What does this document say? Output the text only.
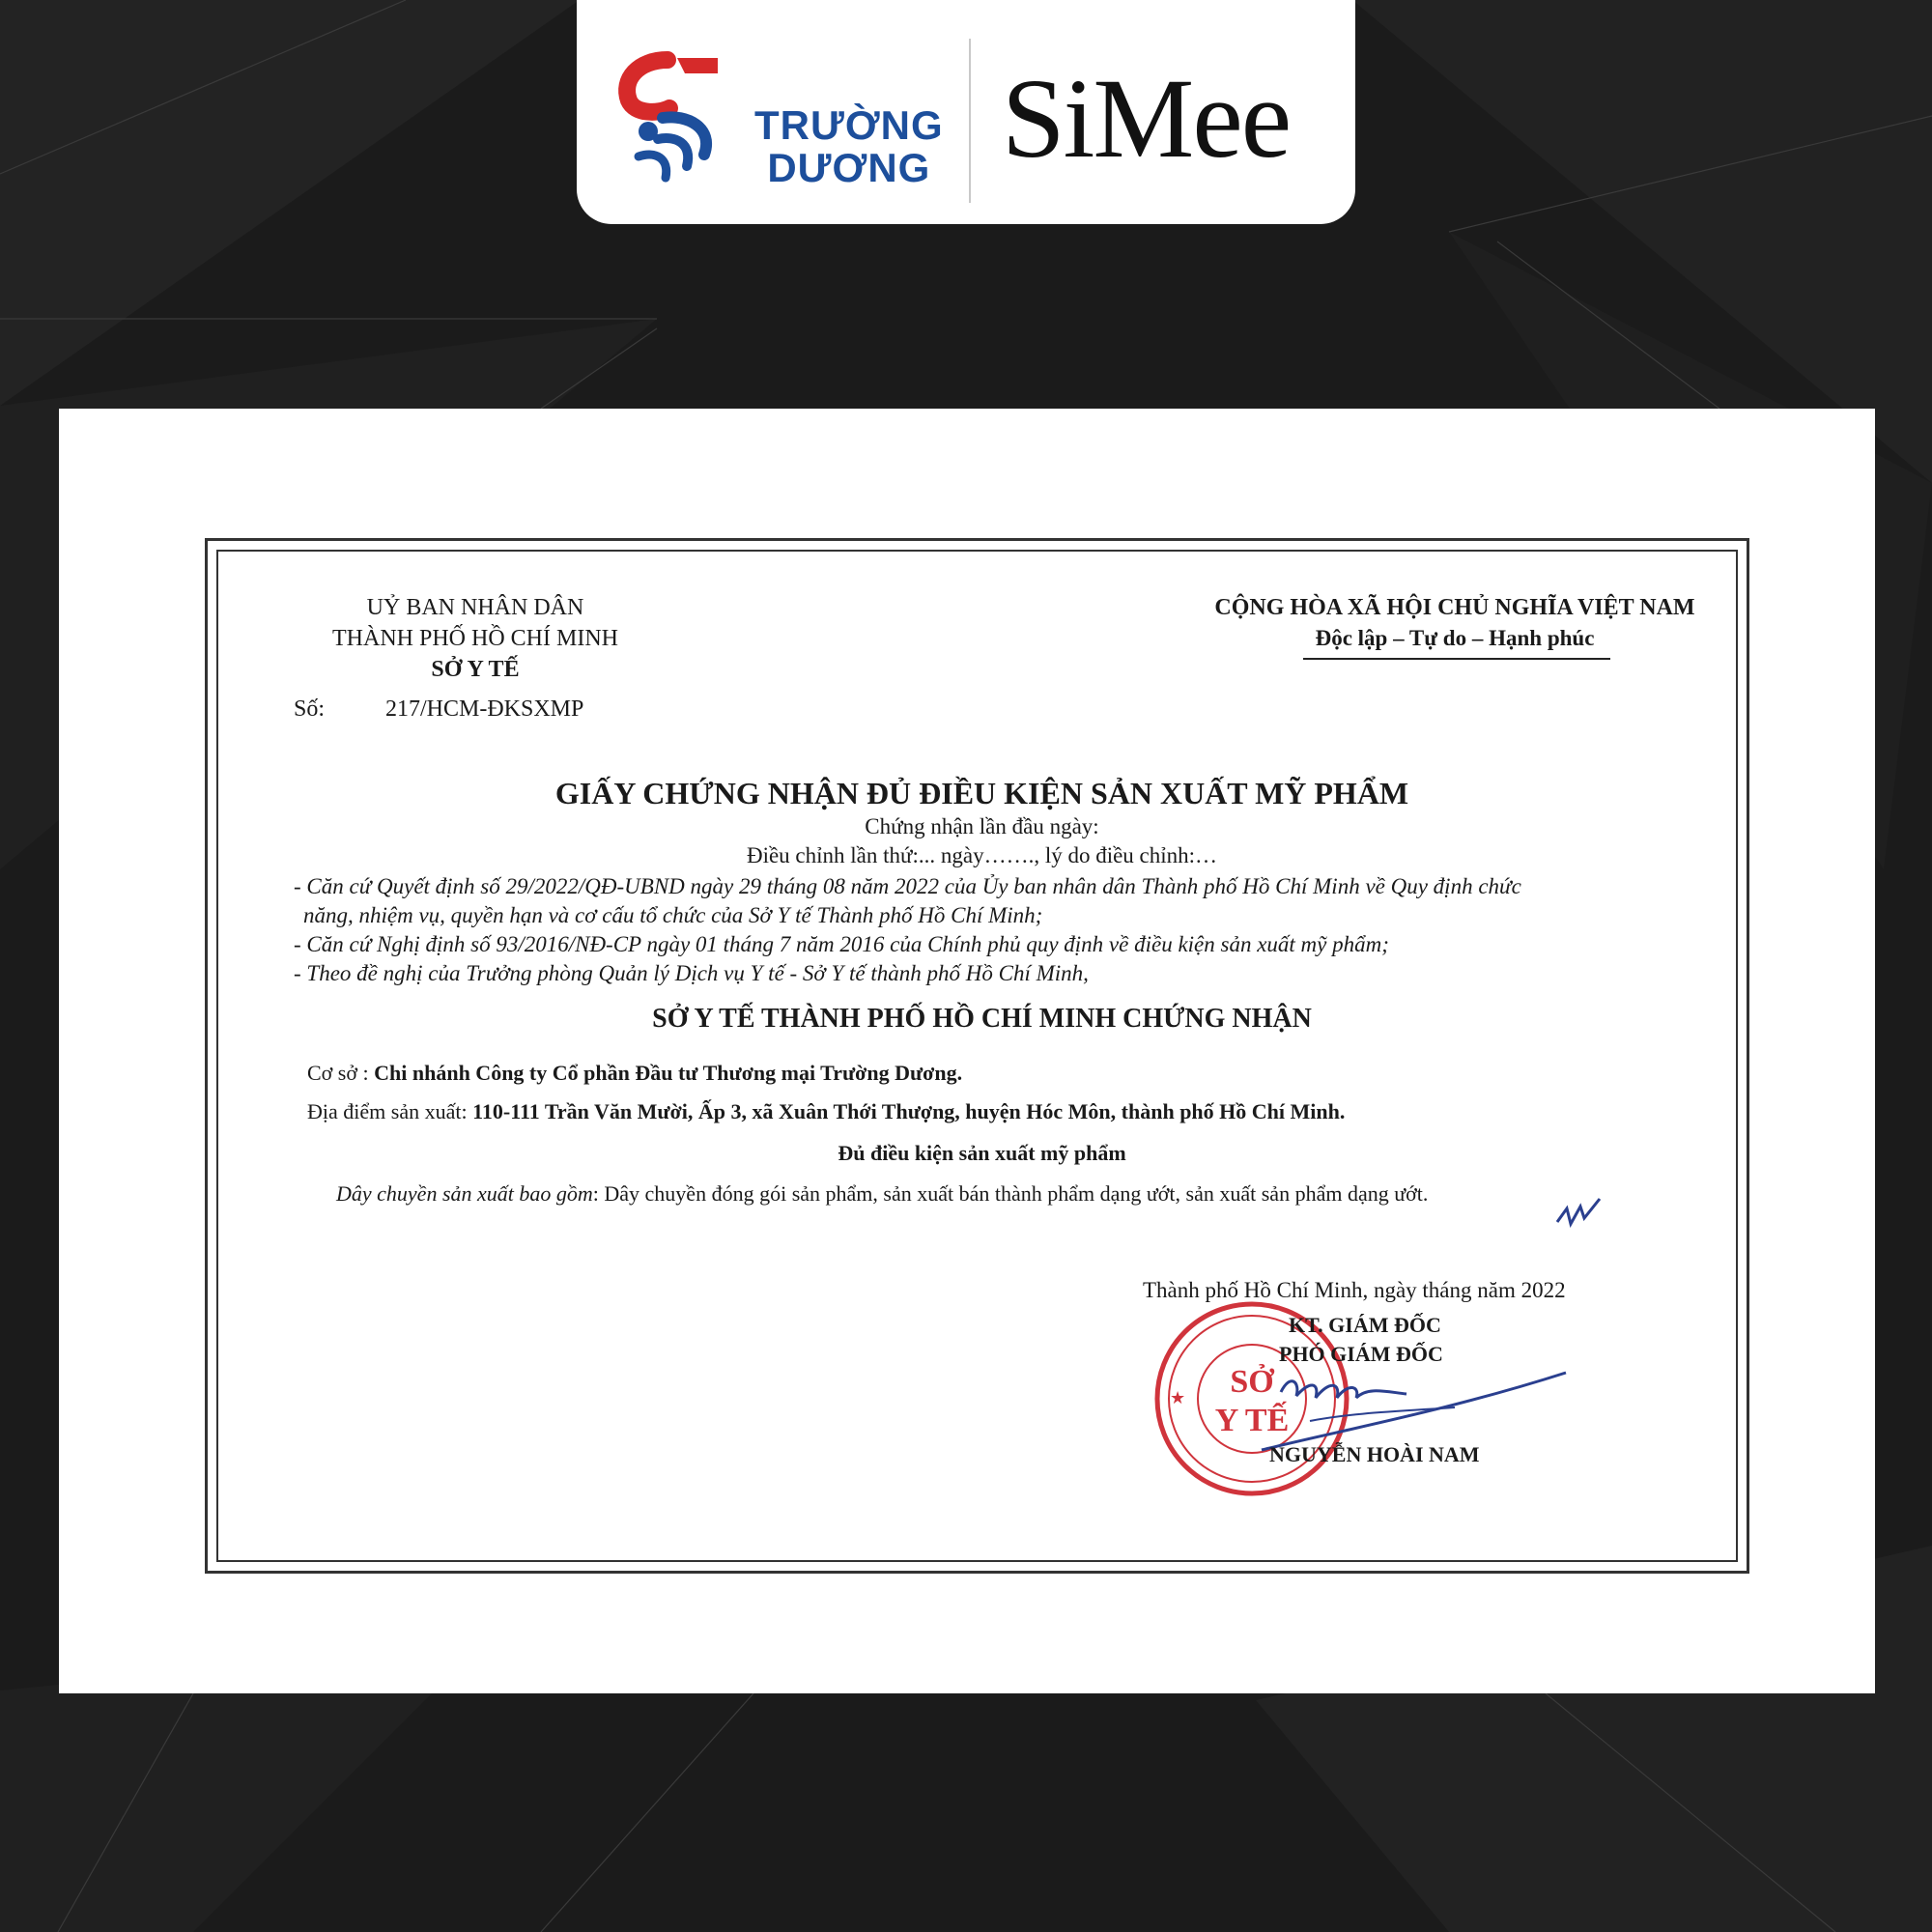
TRƯỜNG
DƯƠNG SiMee
UỶ BAN NHÂN DÂN
THÀNH PHỐ HỒ CHÍ MINH
SỞ Y TẾ
CỘNG HÒA XÃ HỘI CHỦ NGHĨA VIỆT NAM
Độc lập – Tự do – Hạnh phúc
Số:	217/HCM-ĐKSXMP
GIẤY CHỨNG NHẬN ĐỦ ĐIỀU KIỆN SẢN XUẤT MỸ PHẨM
Chứng nhận lần đầu ngày:
Điều chỉnh lần thứ:... ngày……., lý do điều chỉnh:…
- Căn cứ Quyết định số 29/2022/QĐ-UBND ngày 29 tháng 08 năm 2022 của Ủy ban nhân dân Thành phố Hồ Chí Minh về Quy định chức
năng, nhiệm vụ, quyền hạn và cơ cấu tổ chức của Sở Y tế Thành phố Hồ Chí Minh;
- Căn cứ Nghị định số 93/2016/NĐ-CP ngày 01 tháng 7 năm 2016 của Chính phủ quy định về điều kiện sản xuất mỹ phẩm;
- Theo đề nghị của Trưởng phòng Quản lý Dịch vụ Y tế - Sở Y tế thành phố Hồ Chí Minh,
SỞ Y TẾ THÀNH PHỐ HỒ CHÍ MINH CHỨNG NHẬN
Cơ sở : Chi nhánh Công ty Cổ phần Đầu tư Thương mại Trường Dương.
Địa điểm sản xuất: 110-111 Trần Văn Mười, Ấp 3, xã Xuân Thới Thượng, huyện Hóc Môn, thành phố Hồ Chí Minh.
Đủ điều kiện sản xuất mỹ phẩm
Dây chuyền sản xuất bao gồm: Dây chuyền đóng gói sản phẩm, sản xuất bán thành phẩm dạng ướt, sản xuất sản phẩm dạng ướt.
Thành phố Hồ Chí Minh, ngày tháng năm 2022
SỞ
Y TẾ
★
KT. GIÁM ĐỐC
PHÓ GIÁM ĐỐC
NGUYỄN HOÀI NAM
